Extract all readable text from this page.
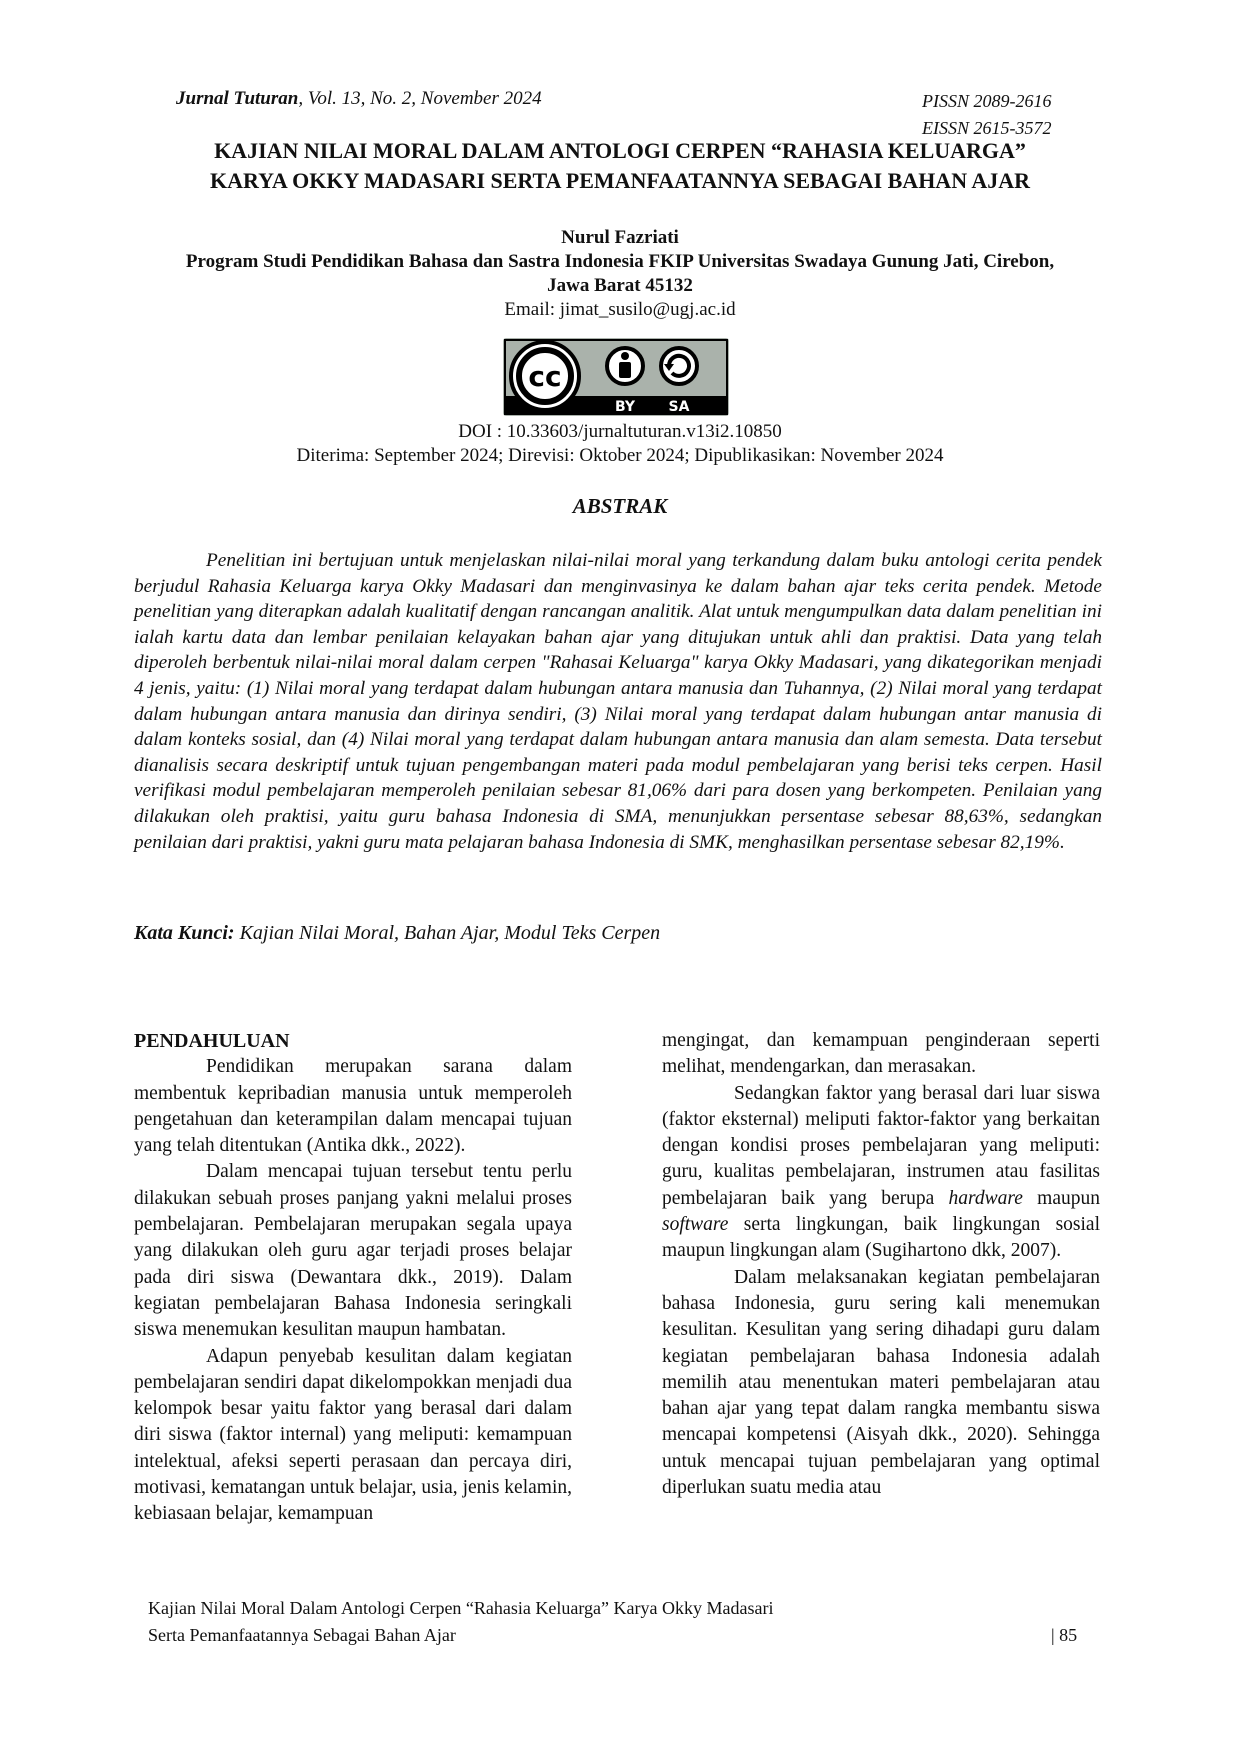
Jurnal Tuturan, Vol. 13, No. 2, November 2024	PISSN 2089-2616
EISSN 2615-3572
KAJIAN NILAI MORAL DALAM ANTOLOGI CERPEN “RAHASIA KELUARGA”
KARYA OKKY MADASARI SERTA PEMANFAATANNYA SEBAGAI BAHAN AJAR
Nurul Fazriati
Program Studi Pendidikan Bahasa dan Sastra Indonesia FKIP Universitas Swadaya Gunung Jati, Cirebon,
Jawa Barat 45132
Email: jimat_susilo@ugj.ac.id
cc
BY SA
DOI : 10.33603/jurnaltuturan.v13i2.10850
Diterima: September 2024; Direvisi: Oktober 2024; Dipublikasikan: November 2024
ABSTRAK

Penelitian ini bertujuan untuk menjelaskan nilai-nilai moral yang terkandung dalam buku antologi cerita pendek berjudul Rahasia Keluarga karya Okky Madasari dan menginvasinya ke dalam bahan ajar teks cerita pendek. Metode penelitian yang diterapkan adalah kualitatif dengan rancangan analitik. Alat untuk mengumpulkan data dalam penelitian ini ialah kartu data dan lembar penilaian kelayakan bahan ajar yang ditujukan untuk ahli dan praktisi. Data yang telah diperoleh berbentuk nilai-nilai moral dalam cerpen "Rahasai Keluarga" karya Okky Madasari, yang dikategorikan menjadi 4 jenis, yaitu: (1) Nilai moral yang terdapat dalam hubungan antara manusia dan Tuhannya, (2) Nilai moral yang terdapat dalam hubungan antara manusia dan dirinya sendiri, (3) Nilai moral yang terdapat dalam hubungan antar manusia di dalam konteks sosial, dan (4) Nilai moral yang terdapat dalam hubungan antara manusia dan alam semesta. Data tersebut dianalisis secara deskriptif untuk tujuan pengembangan materi pada modul pembelajaran yang berisi teks cerpen. Hasil verifikasi modul pembelajaran memperoleh penilaian sebesar 81,06% dari para dosen yang berkompeten. Penilaian yang dilakukan oleh praktisi, yaitu guru bahasa Indonesia di SMA, menunjukkan persentase sebesar 88,63%, sedangkan penilaian dari praktisi, yakni guru mata pelajaran bahasa Indonesia di SMK, menghasilkan persentase sebesar 82,19%.

Kata Kunci: Kajian Nilai Moral, Bahan Ajar, Modul Teks Cerpen

PENDAHULUAN

Pendidikan merupakan sarana dalam membentuk kepribadian manusia untuk memperoleh pengetahuan dan keterampilan dalam mencapai tujuan yang telah ditentukan (Antika dkk., 2022).

Dalam mencapai tujuan tersebut tentu perlu dilakukan sebuah proses panjang yakni melalui proses pembelajaran. Pembelajaran merupakan segala upaya yang dilakukan oleh guru agar terjadi proses belajar pada diri siswa (Dewantara dkk., 2019). Dalam kegiatan pembelajaran Bahasa Indonesia seringkali siswa menemukan kesulitan maupun hambatan.

Adapun penyebab kesulitan dalam kegiatan pembelajaran sendiri dapat dikelompokkan menjadi dua kelompok besar yaitu faktor yang berasal dari dalam diri siswa (faktor internal) yang meliputi: kemampuan intelektual, afeksi seperti perasaan dan percaya diri, motivasi, kematangan untuk belajar, usia, jenis kelamin, kebiasaan belajar, kemampuan

mengingat, dan kemampuan penginderaan seperti melihat, mendengarkan, dan merasakan.

Sedangkan faktor yang berasal dari luar siswa (faktor eksternal) meliputi faktor-faktor yang berkaitan dengan kondisi proses pembelajaran yang meliputi: guru, kualitas pembelajaran, instrumen atau fasilitas pembelajaran baik yang berupa hardware maupun software serta lingkungan, baik lingkungan sosial maupun lingkungan alam (Sugihartono dkk, 2007).

Dalam melaksanakan kegiatan pembelajaran bahasa Indonesia, guru sering kali menemukan kesulitan. Kesulitan yang sering dihadapi guru dalam kegiatan pembelajaran bahasa Indonesia adalah memilih atau menentukan materi pembelajaran atau bahan ajar yang tepat dalam rangka membantu siswa mencapai kompetensi (Aisyah dkk., 2020). Sehingga untuk mencapai tujuan pembelajaran yang optimal diperlukan suatu media atau

Kajian Nilai Moral Dalam Antologi Cerpen “Rahasia Keluarga” Karya Okky Madasari
Serta Pemanfaatannya Sebagai Bahan Ajar	| 85
